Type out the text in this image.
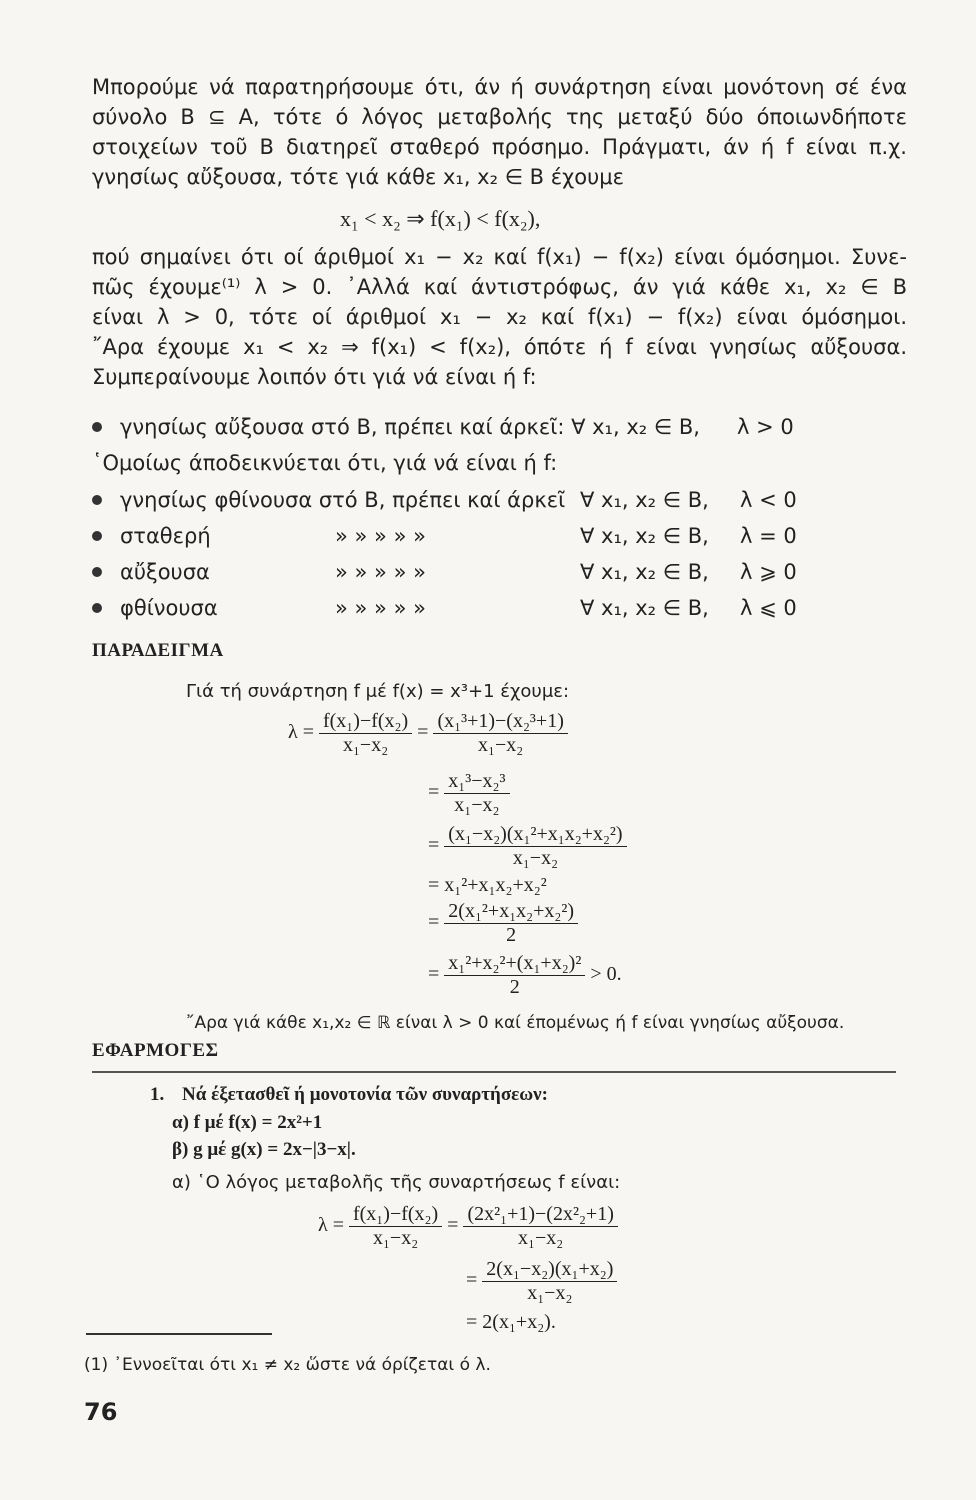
Μπορούμε νά παρατηρήσουμε ότι, άν ή συνάρτηση είναι μονότονη σέ ένα
σύνολο B ⊆ A, τότε ό λόγος μεταβολής της μεταξύ δύο όποιωνδήποτε
στοιχείων τοῦ B διατηρεῖ σταθερό πρόσημο. Πράγματι, άν ή f είναι π.χ.
γνησίως αὔξουσα, τότε γιά κάθε x₁, x₂ ∈ B έχουμε
x₁ < x₂ ⇒ f(x₁) < f(x₂),
πού σημαίνει ότι οί άριθμοί x₁ − x₂ καί f(x₁) − f(x₂) είναι όμόσημοι. Συνε-
πῶς έχουμε⁽¹⁾ λ > 0. ᾿Αλλά καί άντιστρόφως, άν γιά κάθε x₁, x₂ ∈ B
είναι λ > 0, τότε οί άριθμοί x₁ − x₂ καί f(x₁) − f(x₂) είναι όμόσημοι.
῎Αρα έχουμε x₁ < x₂ ⇒ f(x₁) < f(x₂), όπότε ή f είναι γνησίως αὔξουσα.
Συμπεραίνουμε λοιπόν ότι γιά νά είναι ή f:
γνησίως αὔξουσα στό B, πρέπει καί άρκεῖ: ∀ x₁, x₂ ∈ B, λ > 0
῾Ομοίως άποδεικνύεται ότι, γιά νά είναι ή f:
γνησίως φθίνουσα στό B, πρέπει καί άρκεῖ ∀ x₁, x₂ ∈ B, λ < 0
σταθερή	» » » » »	∀ x₁, x₂ ∈ B, λ = 0
αὔξουσα	» » » » »	∀ x₁, x₂ ∈ B, λ ⩾ 0
φθίνουσα	» » » » »	∀ x₁, x₂ ∈ B, λ ⩽ 0
ΠΑΡΑΔΕΙΓΜΑ
Γιά τή συνάρτηση f μέ f(x) = x³+1 έχουμε:
$\lambda = \frac{\text{f(x₁)−f(x₂)}}{\text{x₁−x₂}} = \frac{\text{(x₁³+1)−(x₂³+1)}}{\text{x₁−x₂}}$
= $\frac{\text{x₁³−x₂³}}{\text{x₁−x₂}}$
= $\frac{\text{(x₁−x₂)(x₁²+x₁x₂+x₂²)}}{\text{x₁−x₂}}$
= x₁²+x₁x₂+x₂²
= $\frac{\text{2(x₁²+x₁x₂+x₂²)}}{2}$
= $\frac{\text{x₁²+x₂²+(x₁+x₂)²}}{2} > 0$.
῎Αρα γιά κάθε x₁,x₂ ∈ ℝ είναι λ > 0 καί έπομένως ή f είναι γνησίως αὔξουσα.
ΕΦΑΡΜΟΓΕΣ
1. Νά έξετασθεῖ ή μονοτονία τῶν συναρτήσεων:
α) f μέ f(x) = 2x²+1
β) g μέ g(x) = 2x−|3−x|.
α) ῾Ο λόγος μεταβολῆς τῆς συναρτήσεως f είναι:
$\lambda = \frac{\text{f(x₁)−f(x₂)}}{\text{x₁−x₂}} = \frac{\text{(2x²₁+1)−(2x²₂+1)}}{\text{x₁−x₂}}$
= $\frac{\text{2(x₁−x₂)(x₁+x₂)}}{\text{x₁−x₂}}$
= 2(x₁+x₂).
(1) ᾿Εννοεῖται ότι x₁ ≠ x₂ ὥστε νά όρίζεται ό λ.
76
